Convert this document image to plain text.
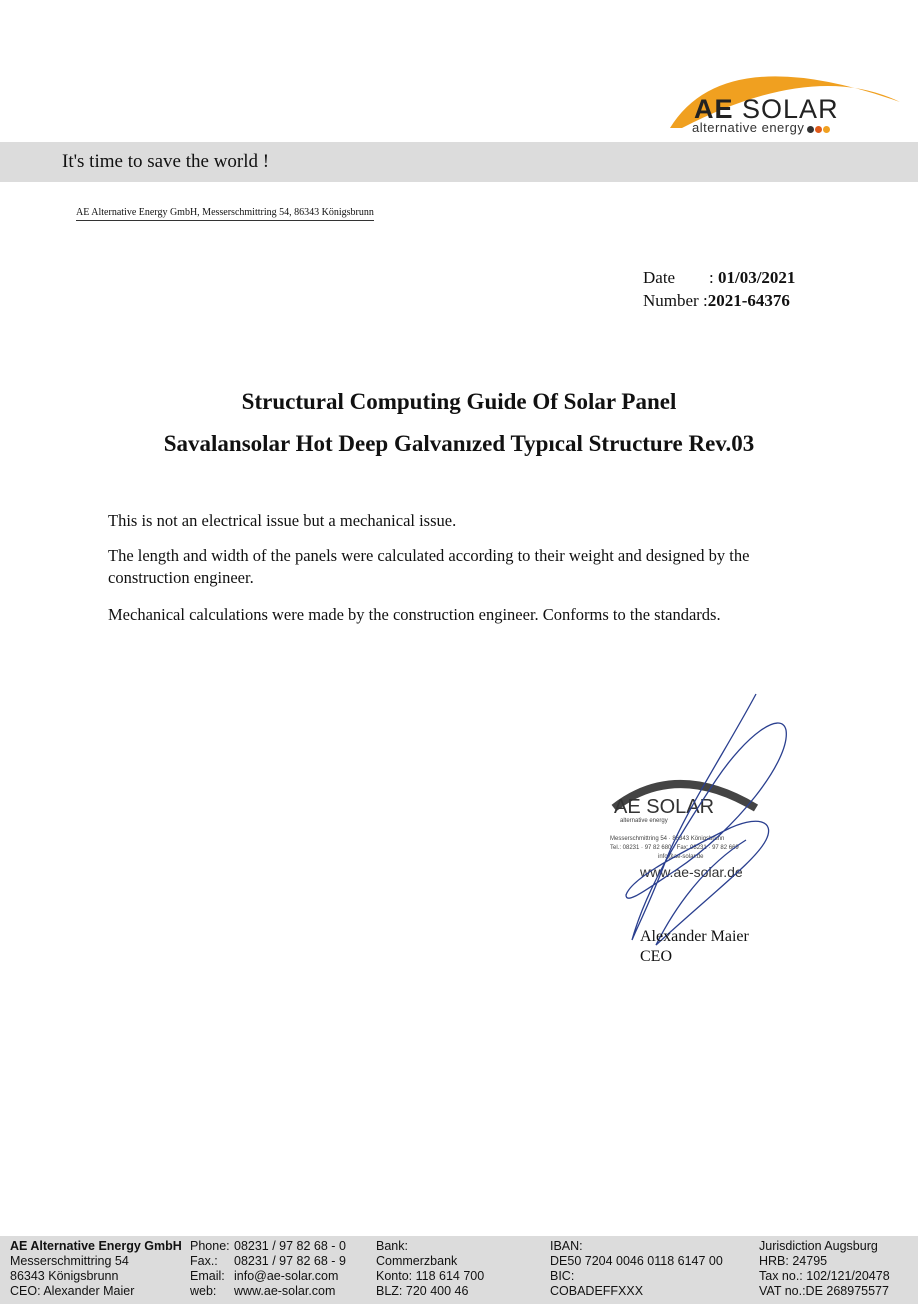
AE SOLAR
alternative energy
It's time to save the world !
AE Alternative Energy GmbH, Messerschmittring 54, 86343 Königsbrunn
Date : 01/03/2021
Number :2021-64376
Structural Computing Guide Of Solar Panel
Savalansolar Hot Deep Galvanızed Typıcal Structure Rev.03
This is not an electrical issue but a mechanical issue.
The length and width of the panels were calculated according to their weight and designed by the construction engineer.
Mechanical calculations were made by the construction engineer. Conforms to the standards.
AE SOLAR
alternative energy
Messerschmittring 54 · 86343 Königsbrunn
Tel.: 08231 · 97 82 680 · Fax: 08231 · 97 82 669
info@ae-solar.de
www.ae-solar.de
Alexander Maier
CEO
AE Alternative Energy GmbH
Messerschmittring 54
86343 Königsbrunn
CEO: Alexander Maier
Phone: 08231 / 97 82 68 - 0
Fax.: 08231 / 97 82 68 - 9
Email: info@ae-solar.com
web: www.ae-solar.com
Bank:
Commerzbank
Konto: 118 614 700
BLZ: 720 400 46
IBAN:
DE50 7204 0046 0118 6147 00
BIC:
COBADEFFXXX
Jurisdiction Augsburg
HRB: 24795
Tax no.: 102/121/20478
VAT no.:DE 268975577
